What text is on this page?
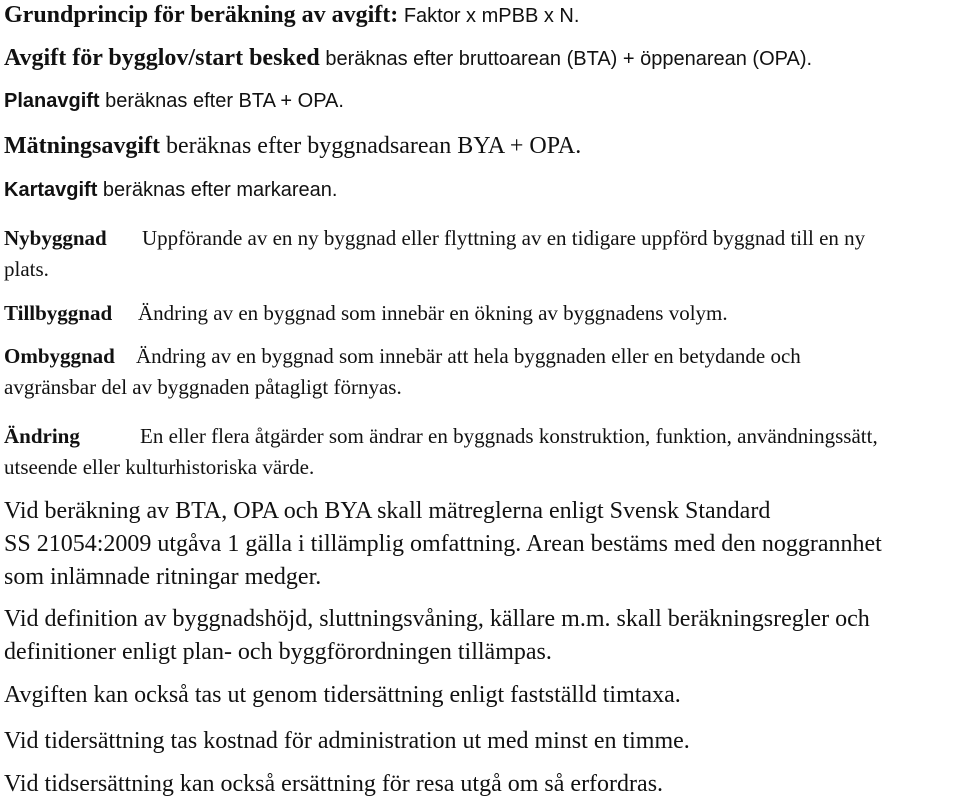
Grundprincip för beräkning av avgift: Faktor x mPBB x N.
Avgift för bygglov/start besked beräknas efter bruttoarean (BTA) + öppenarean (OPA).
Planavgift beräknas efter BTA + OPA.
Mätningsavgift beräknas efter byggnadsarean BYA + OPA.
Kartavgift beräknas efter markarean.
Nybyggnad Uppförande av en ny byggnad eller flyttning av en tidigare uppförd byggnad till en ny
plats.
Tillbyggnad Ändring av en byggnad som innebär en ökning av byggnadens volym.
Ombyggnad Ändring av en byggnad som innebär att hela byggnaden eller en betydande och
avgränsbar del av byggnaden påtagligt förnyas.
Ändring	En eller flera åtgärder som ändrar en byggnads konstruktion, funktion, användningssätt,
utseende eller kulturhistoriska värde.
Vid beräkning av BTA, OPA och BYA skall mätreglerna enligt Svensk Standard
SS 21054:2009 utgåva 1 gälla i tillämplig omfattning. Arean bestäms med den noggrannhet
som inlämnade ritningar medger.
Vid definition av byggnadshöjd, sluttningsvåning, källare m.m. skall beräkningsregler och
definitioner enligt plan- och byggförordningen tillämpas.
Avgiften kan också tas ut genom tidersättning enligt fastställd timtaxa.
Vid tidersättning tas kostnad för administration ut med minst en timme.
Vid tidsersättning kan också ersättning för resa utgå om så erfordras.
